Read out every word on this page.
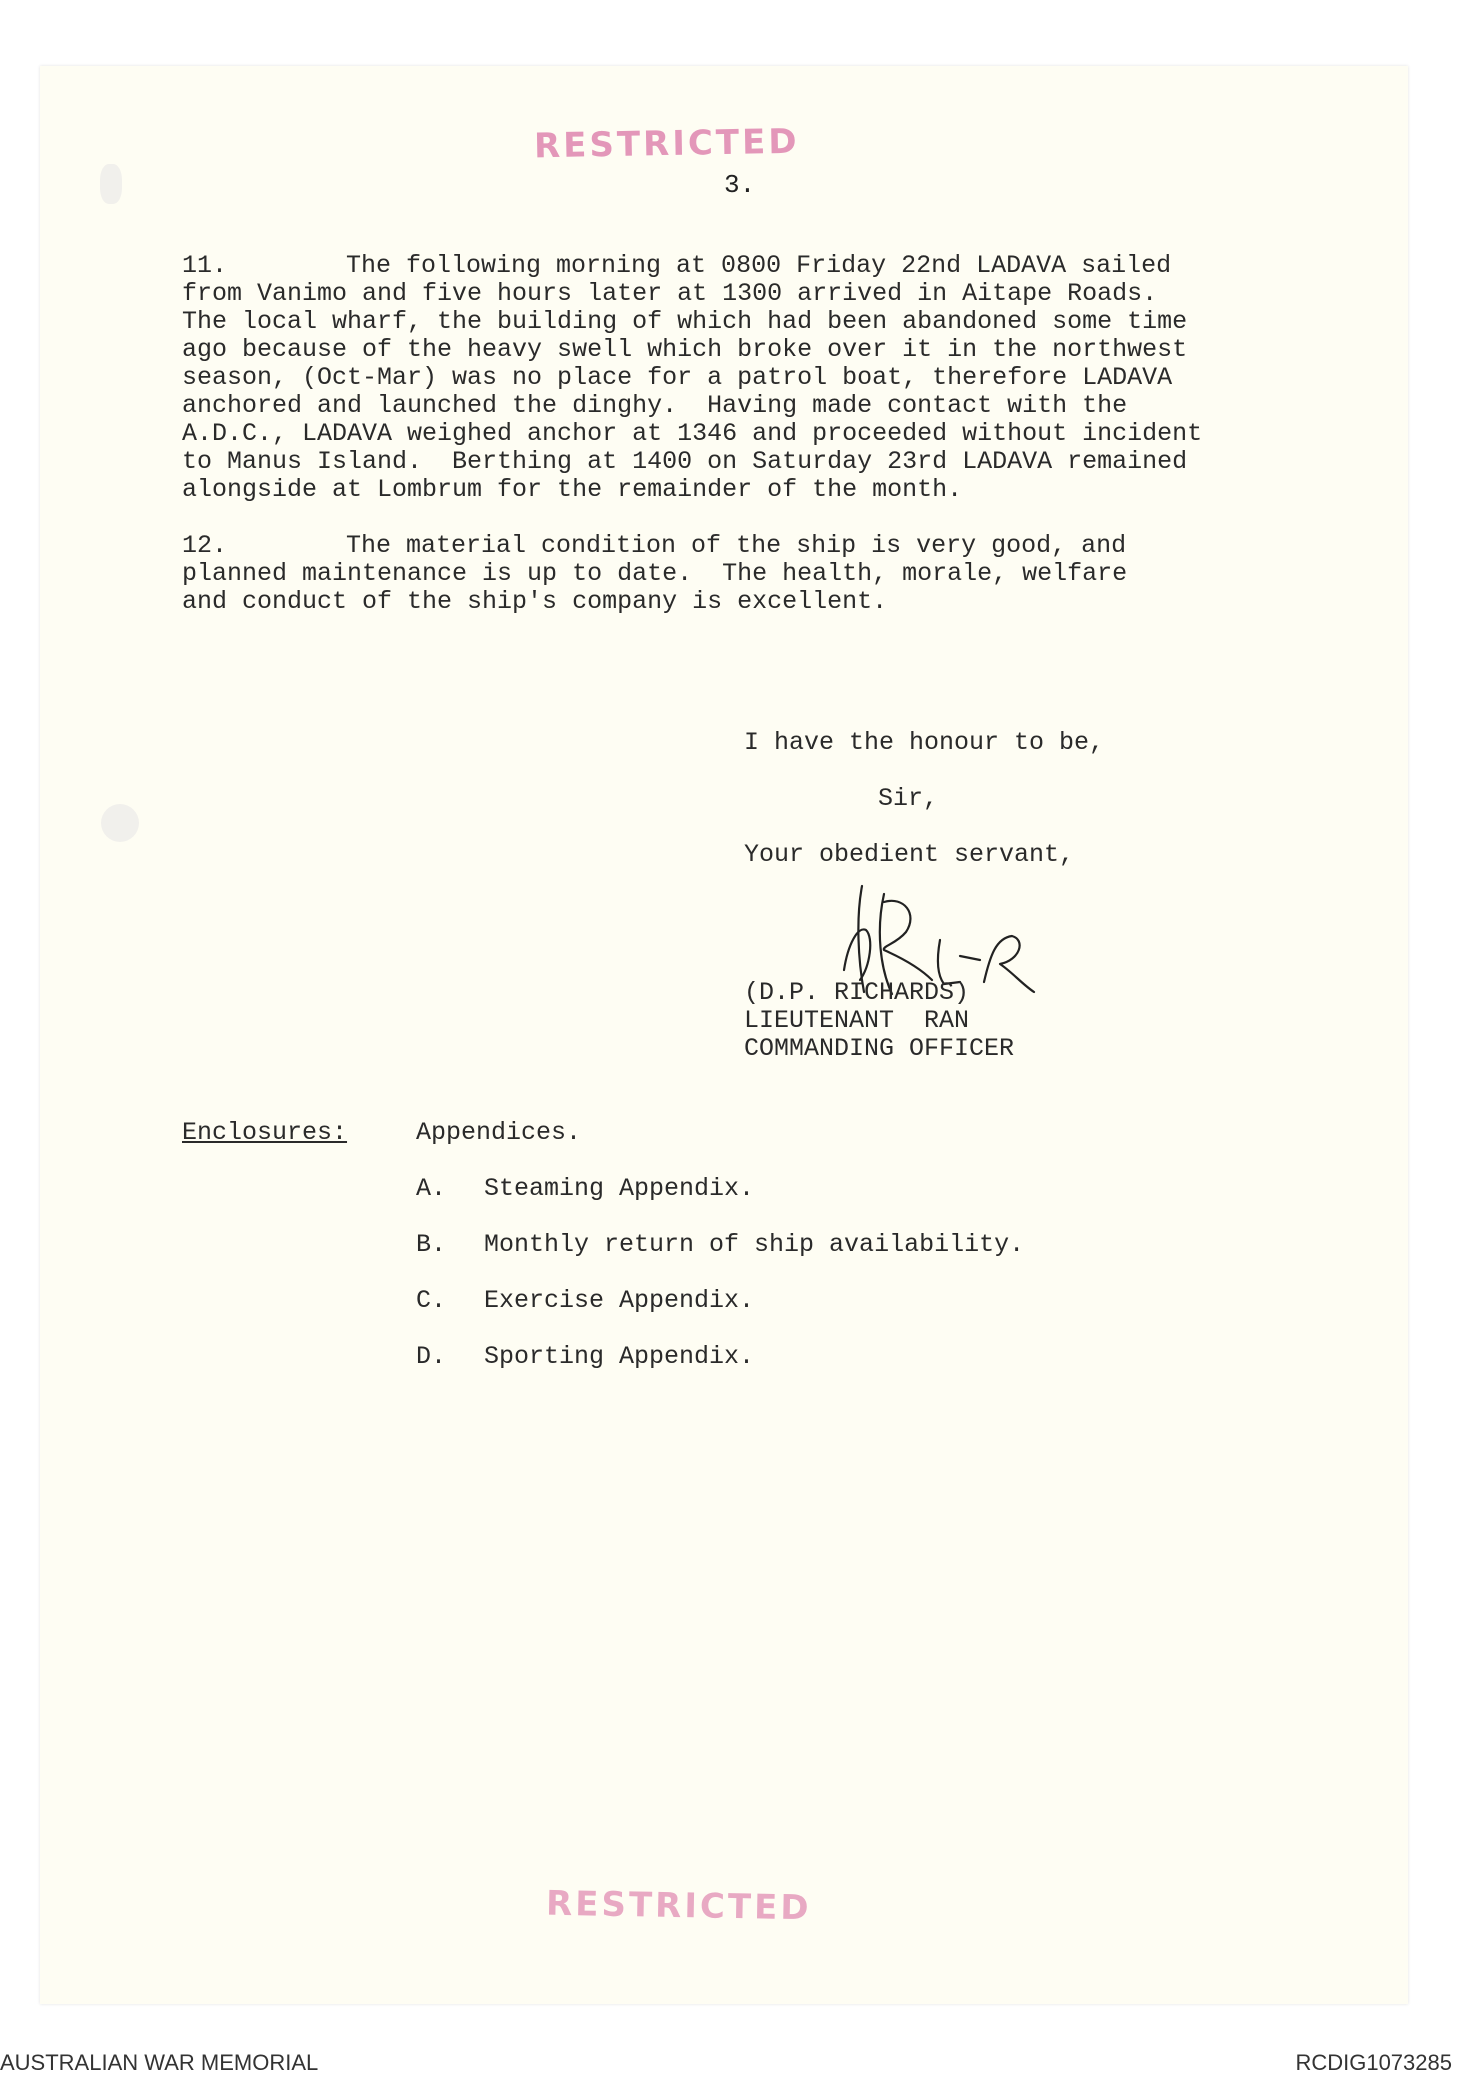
RESTRICTED
3.
11.	The following morning at 0800 Friday 22nd LADAVA sailed
from Vanimo and five hours later at 1300 arrived in Aitape Roads.
The local wharf, the building of which had been abandoned some time
ago because of the heavy swell which broke over it in the northwest
season, (Oct-Mar) was no place for a patrol boat, therefore LADAVA
anchored and launched the dinghy.  Having made contact with the
A.D.C., LADAVA weighed anchor at 1346 and proceeded without incident
to Manus Island.  Berthing at 1400 on Saturday 23rd LADAVA remained
alongside at Lombrum for the remainder of the month.
12.	The material condition of the ship is very good, and
planned maintenance is up to date.  The health, morale, welfare
and conduct of the ship's company is excellent.
I have the honour to be,
Sir,
Your obedient servant,
(D.P. RICHARDS)
LIEUTENANT  RAN
COMMANDING OFFICER
Enclosures:	Appendices.
A. Steaming Appendix.
B. Monthly return of ship availability.
C. Exercise Appendix.
D. Sporting Appendix.
RESTRICTED
AUSTRALIAN WAR MEMORIAL	RCDIG1073285
